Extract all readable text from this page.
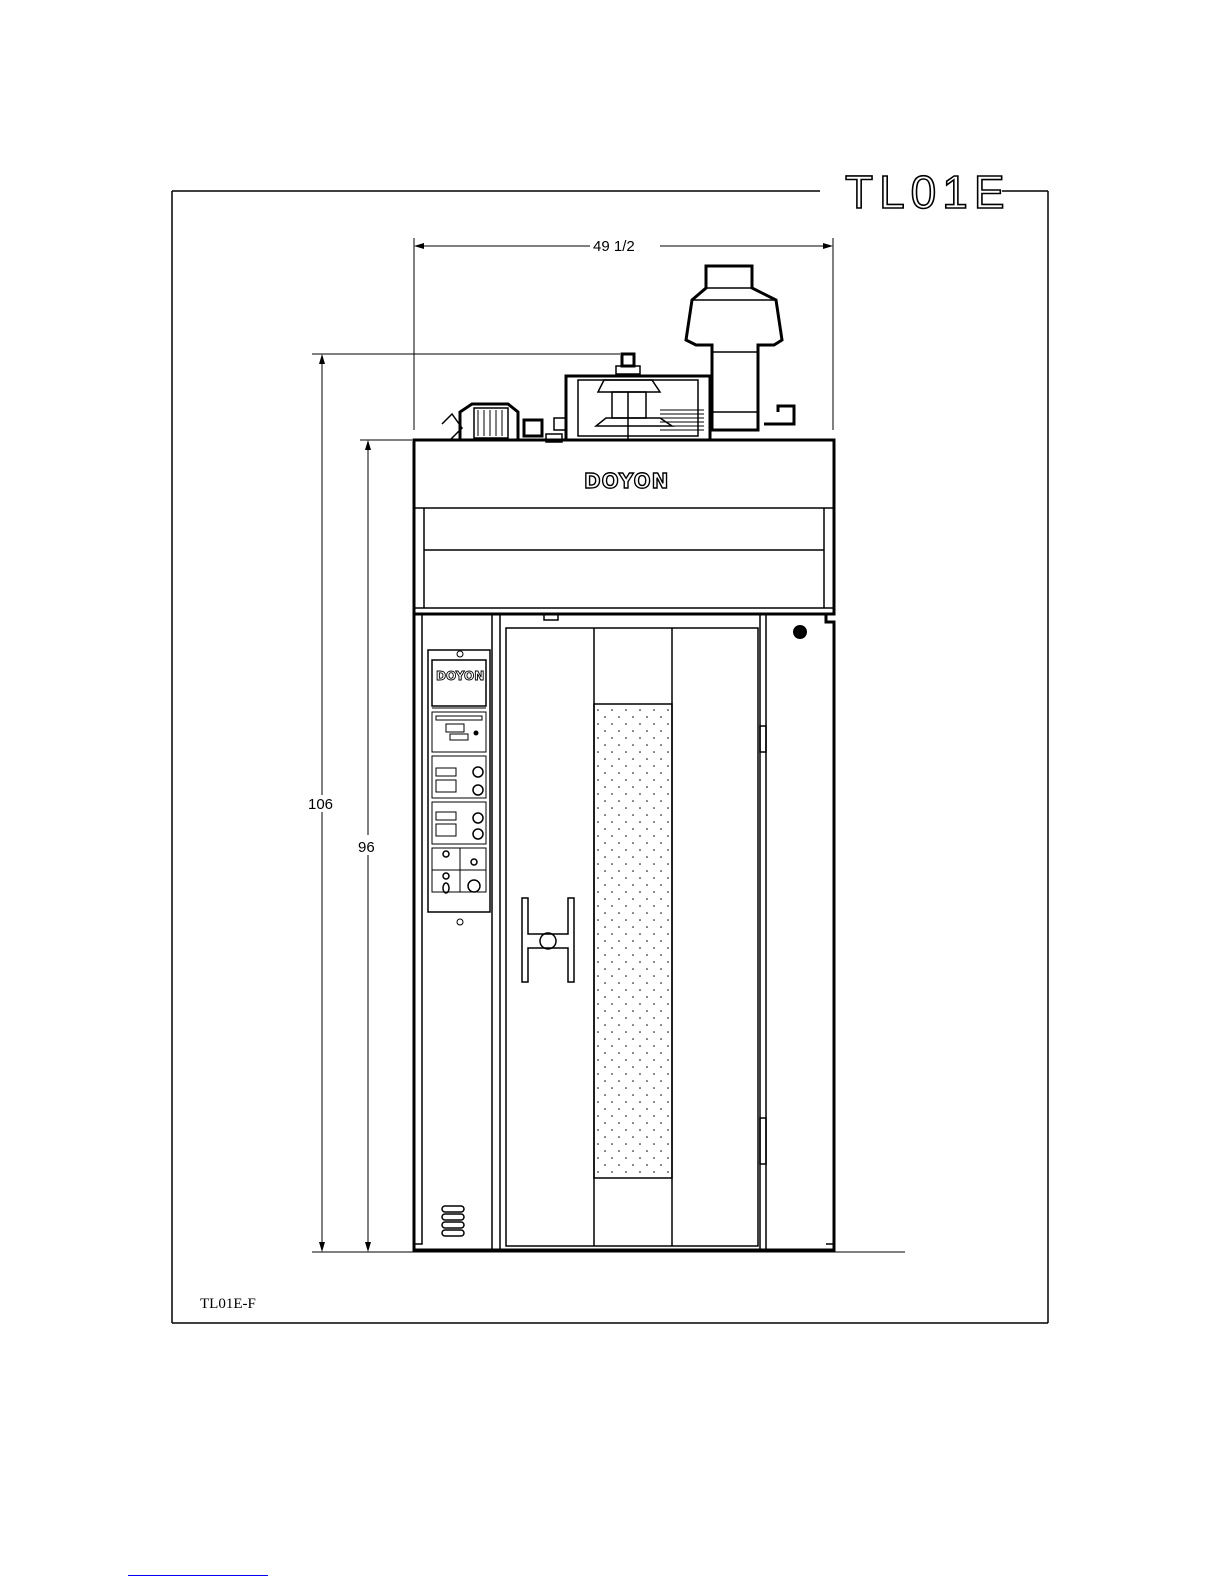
TL01E
49 1/2
106
96
DOYON
DOYON
TL01E-F
